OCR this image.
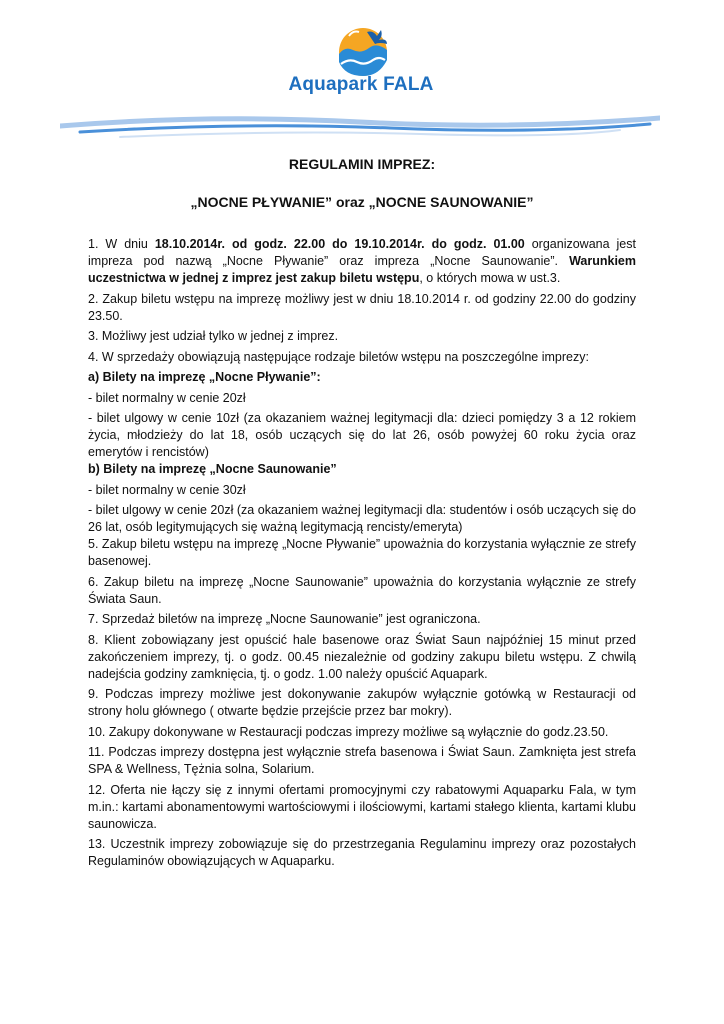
Aquapark FALA
REGULAMIN IMPREZ:
„NOCNE PŁYWANIE” oraz „NOCNE SAUNOWANIE”

1. W dniu 18.10.2014r. od godz. 22.00 do 19.10.2014r. do godz. 01.00 organizowana jest impreza pod nazwą „Nocne Pływanie” oraz impreza „Nocne Saunowanie”. Warunkiem uczestnictwa w jednej z imprez jest zakup biletu wstępu, o których mowa w ust.3.

2. Zakup biletu wstępu na imprezę możliwy jest w dniu 18.10.2014 r. od godziny 22.00 do godziny 23.50.

3. Możliwy jest udział tylko w jednej z imprez.

4. W sprzedaży obowiązują następujące rodzaje biletów wstępu na poszczególne imprezy:

a) Bilety na imprezę „Nocne Pływanie”:

- bilet normalny w cenie 20zł

- bilet ulgowy w cenie 10zł (za okazaniem ważnej legitymacji dla: dzieci pomiędzy 3 a 12 rokiem życia, młodzieży do lat 18, osób uczących się do lat 26, osób powyżej 60 roku życia oraz emerytów i rencistów)

b) Bilety na imprezę „Nocne Saunowanie”

- bilet normalny w cenie 30zł

- bilet ulgowy w cenie 20zł (za okazaniem ważnej legitymacji dla: studentów i osób uczących się do 26 lat, osób legitymujących się ważną legitymacją rencisty/emeryta)

5. Zakup biletu wstępu na imprezę „Nocne Pływanie” upoważnia do korzystania wyłącznie ze strefy basenowej.

6. Zakup biletu na imprezę „Nocne Saunowanie” upoważnia do korzystania wyłącznie ze strefy Świata Saun.

7. Sprzedaż biletów na imprezę „Nocne Saunowanie” jest ograniczona.

8. Klient zobowiązany jest opuścić hale basenowe oraz Świat Saun najpóźniej 15 minut przed zakończeniem imprezy, tj. o godz. 00.45 niezależnie od godziny zakupu biletu wstępu. Z chwilą nadejścia godziny zamknięcia, tj. o godz. 1.00 należy opuścić Aquapark.

9. Podczas imprezy możliwe jest dokonywanie zakupów wyłącznie gotówką w Restauracji od strony holu głównego ( otwarte będzie przejście przez bar mokry).

10. Zakupy dokonywane w Restauracji podczas imprezy możliwe są wyłącznie do godz.23.50.

11. Podczas imprezy dostępna jest wyłącznie strefa basenowa i Świat Saun. Zamknięta jest strefa SPA & Wellness, Tężnia solna, Solarium.

12. Oferta nie łączy się z innymi ofertami promocyjnymi czy rabatowymi Aquaparku Fala, w tym m.in.: kartami abonamentowymi wartościowymi i ilościowymi, kartami stałego klienta, kartami klubu saunowicza.

13. Uczestnik imprezy zobowiązuje się do przestrzegania Regulaminu imprezy oraz pozostałych Regulaminów obowiązujących w Aquaparku.
